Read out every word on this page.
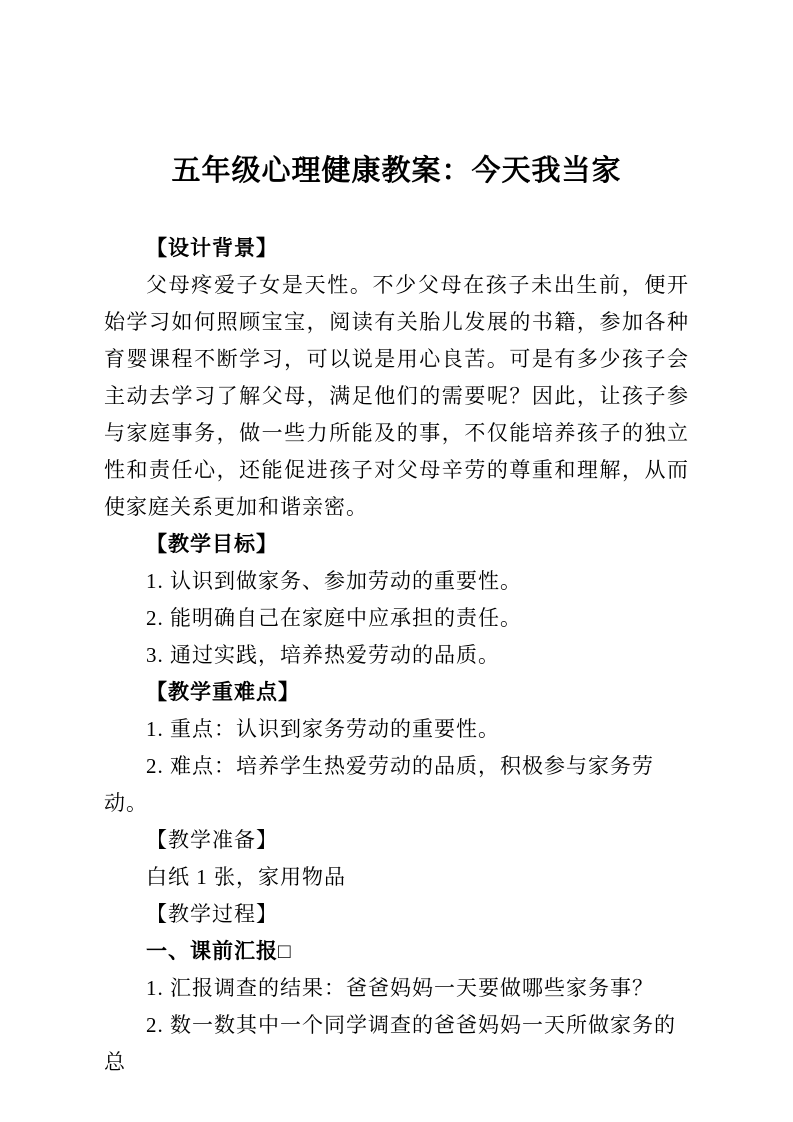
五年级心理健康教案：今天我当家
【设计背景】

父母疼爱子女是天性。不少父母在孩子未出生前，便开始学习如何照顾宝宝，阅读有关胎儿发展的书籍，参加各种育婴课程不断学习，可以说是用心良苦。可是有多少孩子会主动去学习了解父母，满足他们的需要呢？因此，让孩子参与家庭事务，做一些力所能及的事，不仅能培养孩子的独立性和责任心，还能促进孩子对父母辛劳的尊重和理解，从而使家庭关系更加和谐亲密。

【教学目标】
1. 认识到做家务、参加劳动的重要性。
2. 能明确自己在家庭中应承担的责任。
3. 通过实践，培养热爱劳动的品质。
【教学重难点】
1. 重点：认识到家务劳动的重要性。
2. 难点：培养学生热爱劳动的品质，积极参与家务劳动。
【教学准备】
白纸 1 张，家用物品
【教学过程】
一、课前汇报□
1. 汇报调查的结果：爸爸妈妈一天要做哪些家务事？
2. 数一数其中一个同学调查的爸爸妈妈一天所做家务的总
